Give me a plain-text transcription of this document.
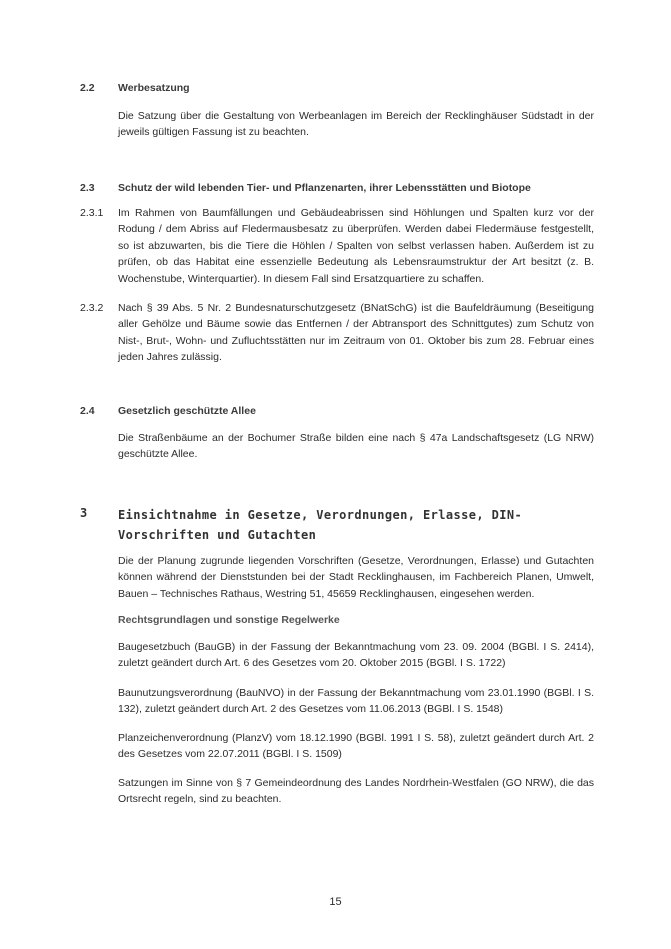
2.2 Werbesatzung

Die Satzung über die Gestaltung von Werbeanlagen im Bereich der Recklinghäuser Südstadt in der jeweils gültigen Fassung ist zu beachten.

2.3 Schutz der wild lebenden Tier- und Pflanzenarten, ihrer Lebensstätten und Biotope
2.3.1 Im Rahmen von Baumfällungen und Gebäudeabrissen sind Höhlungen und Spalten kurz vor der Rodung / dem Abriss auf Fledermausbesatz zu überprüfen. Werden dabei Fledermäuse festgestellt, so ist abzuwarten, bis die Tiere die Höhlen / Spalten von selbst verlassen haben. Außerdem ist zu prüfen, ob das Habitat eine essenzielle Bedeutung als Lebensraumstruktur der Art besitzt (z. B. Wochenstube, Winterquartier). In diesem Fall sind Ersatzquartiere zu schaffen.

2.3.2 Nach § 39 Abs. 5 Nr. 2 Bundesnaturschutzgesetz (BNatSchG) ist die Baufeldräumung (Beseitigung aller Gehölze und Bäume sowie das Entfernen / der Abtransport des Schnittgutes) zum Schutz von Nist-, Brut-, Wohn- und Zufluchtsstätten nur im Zeitraum von 01. Oktober bis zum 28. Februar eines jeden Jahres zulässig.

2.4 Gesetzlich geschützte Allee

Die Straßenbäume an der Bochumer Straße bilden eine nach § 47a Landschaftsgesetz (LG NRW) geschützte Allee.

3	Einsichtnahme in Gesetze, Verordnungen, Erlasse, DIN-Vorschriften und Gutachten

Die der Planung zugrunde liegenden Vorschriften (Gesetze, Verordnungen, Erlasse) und Gutachten können während der Dienststunden bei der Stadt Recklinghausen, im Fachbereich Planen, Umwelt, Bauen – Technisches Rathaus, Westring 51, 45659 Recklinghausen, eingesehen werden.

Rechtsgrundlagen und sonstige Regelwerke

Baugesetzbuch (BauGB) in der Fassung der Bekanntmachung vom 23. 09. 2004 (BGBl. I S. 2414), zuletzt geändert durch Art. 6 des Gesetzes vom 20. Oktober 2015 (BGBl. I S. 1722)

Baunutzungsverordnung (BauNVO) in der Fassung der Bekanntmachung vom 23.01.1990 (BGBl. I S. 132), zuletzt geändert durch Art. 2 des Gesetzes vom 11.06.2013 (BGBl. I S. 1548)

Planzeichenverordnung (PlanzV) vom 18.12.1990 (BGBl. 1991 I S. 58), zuletzt geändert durch Art. 2 des Gesetzes vom 22.07.2011 (BGBl. I S. 1509)

Satzungen im Sinne von § 7 Gemeindeordnung des Landes Nordrhein-Westfalen (GO NRW), die das Ortsrecht regeln, sind zu beachten.

15
